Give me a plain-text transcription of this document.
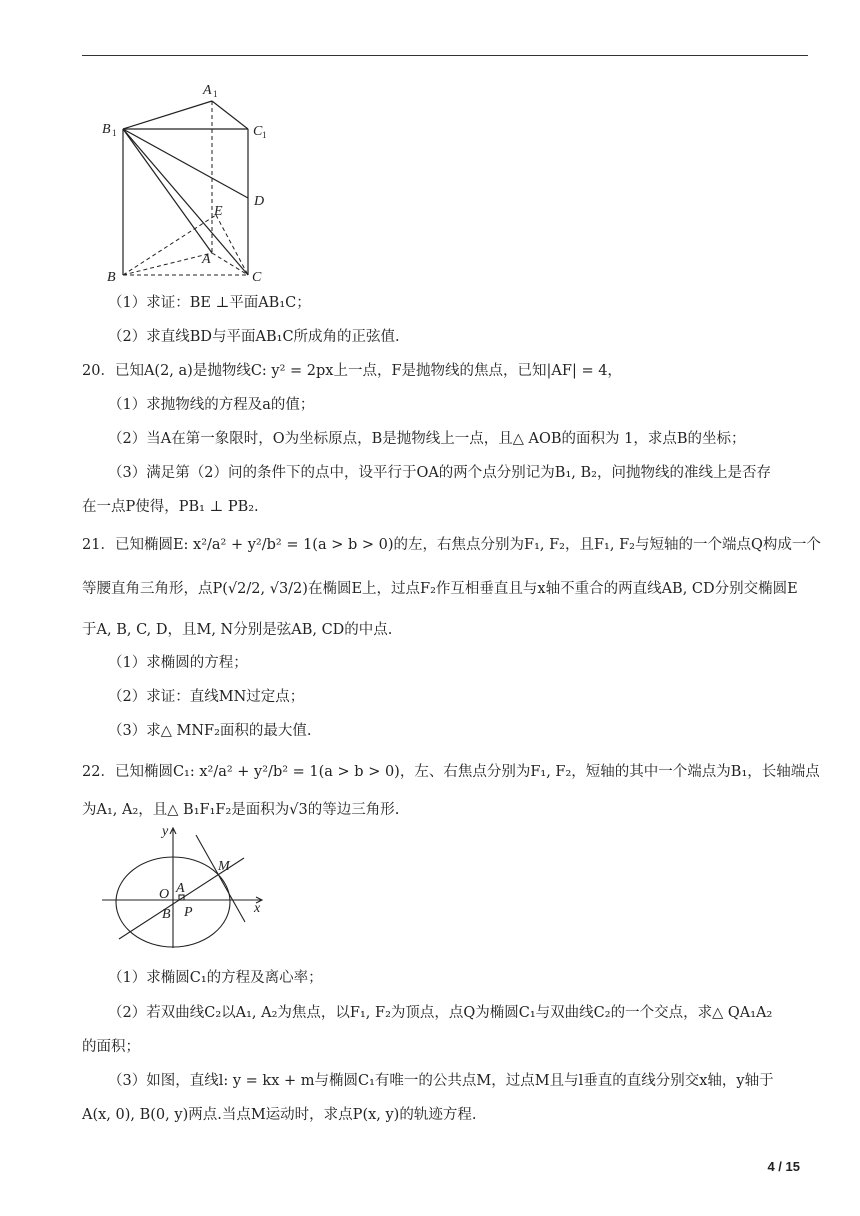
A 1
B 1	C 1
D
E
A
B	C
（1）求证：BE ⊥平面AB₁C；
（2）求直线BD与平面AB₁C所成角的正弦值.
20．已知A(2, a)是抛物线C: y² = 2px上一点，F是抛物线的焦点，已知|AF| = 4，
（1）求抛物线的方程及a的值；
（2）当A在第一象限时，O为坐标原点，B是抛物线上一点，且△ AOB的面积为 1，求点B的坐标；
（3）满足第（2）问的条件下的点中，设平行于OA的两个点分别记为B₁, B₂，问抛物线的准线上是否存
在一点P使得，PB₁ ⊥ PB₂.
21．已知椭圆E: x²/a² + y²/b² = 1(a > b > 0)的左，右焦点分别为F₁, F₂，且F₁, F₂与短轴的一个端点Q构成一个
等腰直角三角形，点P(√2/2, √3/2)在椭圆E上，过点F₂作互相垂直且与x轴不重合的两直线AB, CD分别交椭圆E
于A, B, C, D，且M, N分别是弦AB, CD的中点.
（1）求椭圆的方程；
（2）求证：直线MN过定点；
（3）求△ MNF₂面积的最大值.
22．已知椭圆C₁: x²/a² + y²/b² = 1(a > b > 0)，左、右焦点分别为F₁, F₂，短轴的其中一个端点为B₁，长轴端点
为A₁, A₂，且△ B₁F₁F₂是面积为√3的等边三角形.
y
x
O A
B P
M
（1）求椭圆C₁的方程及离心率；
（2）若双曲线C₂以A₁, A₂为焦点，以F₁, F₂为顶点，点Q为椭圆C₁与双曲线C₂的一个交点，求△ QA₁A₂
的面积；
（3）如图，直线l: y = kx + m与椭圆C₁有唯一的公共点M，过点M且与l垂直的直线分别交x轴，y轴于
A(x, 0), B(0, y)两点.当点M运动时，求点P(x, y)的轨迹方程.
4 / 15
